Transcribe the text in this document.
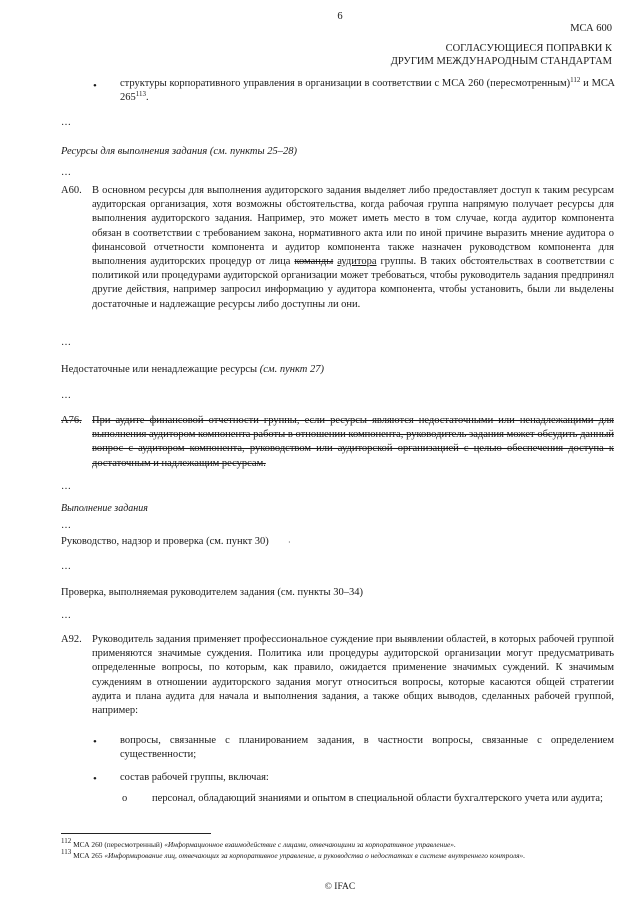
6
МСА 600
СОГЛАСУЮЩИЕСЯ ПОПРАВКИ К
ДРУГИМ МЕЖДУНАРОДНЫМ СТАНДАРТАМ
• структуры корпоративного управления в организации в соответствии с МСА 260 (пересмотренным)$^{112}$ и МСА $265^{113}$.
…
Ресурсы для выполнения задания (см. пункты 25–28)
…
A60. В основном ресурсы для выполнения аудиторского задания выделяет либо предоставляет доступ к таким ресурсам аудиторская организация, хотя возможны обстоятельства, когда рабочая группа напрямую получает ресурсы для выполнения аудиторского задания. Например, это может иметь место в том случае, когда аудитор компонента обязан в соответствии с требованием закона, нормативного акта или по иной причине выразить мнение аудитора о финансовой отчетности компонента и аудитор компонента также назначен руководством компонента для выполнения аудиторских процедур от лица команды аудитора группы. В таких обстоятельствах в соответствии с политикой или процедурами аудиторской организации может требоваться, чтобы руководитель задания предпринял другие действия, например запросил информацию у аудитора компонента, чтобы установить, были ли выделены достаточные и надлежащие ресурсы либо доступны ли они.
…
Недостаточные или ненадлежащие ресурсы (см. пункт 27)
…
A76. При аудите финансовой отчетности группы, если ресурсы являются недостаточными или ненадлежащими для выполнения аудитором компонента работы в отношении компонента, руководитель задания может обсудить данный вопрос с аудитором компонента, руководством или аудиторской организацией с целью обеспечения доступа к достаточным и надлежащим ресурсам.
…
Выполнение задания
…
Руководство, надзор и проверка (см. пункт 30) ·
…
Проверка, выполняемая руководителем задания (см. пункты 30–34)
…
A92. Руководитель задания применяет профессиональное суждение при выявлении областей, в которых рабочей группой применяются значимые суждения. Политика или процедуры аудиторской организации могут предусматривать определенные вопросы, по которым, как правило, ожидается применение значимых суждений. К значимым суждениям в отношении аудиторского задания могут относиться вопросы, которые касаются общей стратегии аудита и плана аудита для начала и выполнения задания, а также общих выводов, сделанных рабочей группой, например:
• вопросы, связанные с планированием задания, в частности вопросы, связанные с определением существенности;
• состав рабочей группы, включая:
o персонал, обладающий знаниями и опытом в специальной области бухгалтерского учета или аудита;
$^{112}$ МСА 260 (пересмотренный) «Информационное взаимодействие с лицами, отвечающими за корпоративное управление».
$^{113}$ МСА 265 «Информирование лиц, отвечающих за корпоративное управление, и руководства о недостатках в системе внутреннего контроля».
© IFAC
